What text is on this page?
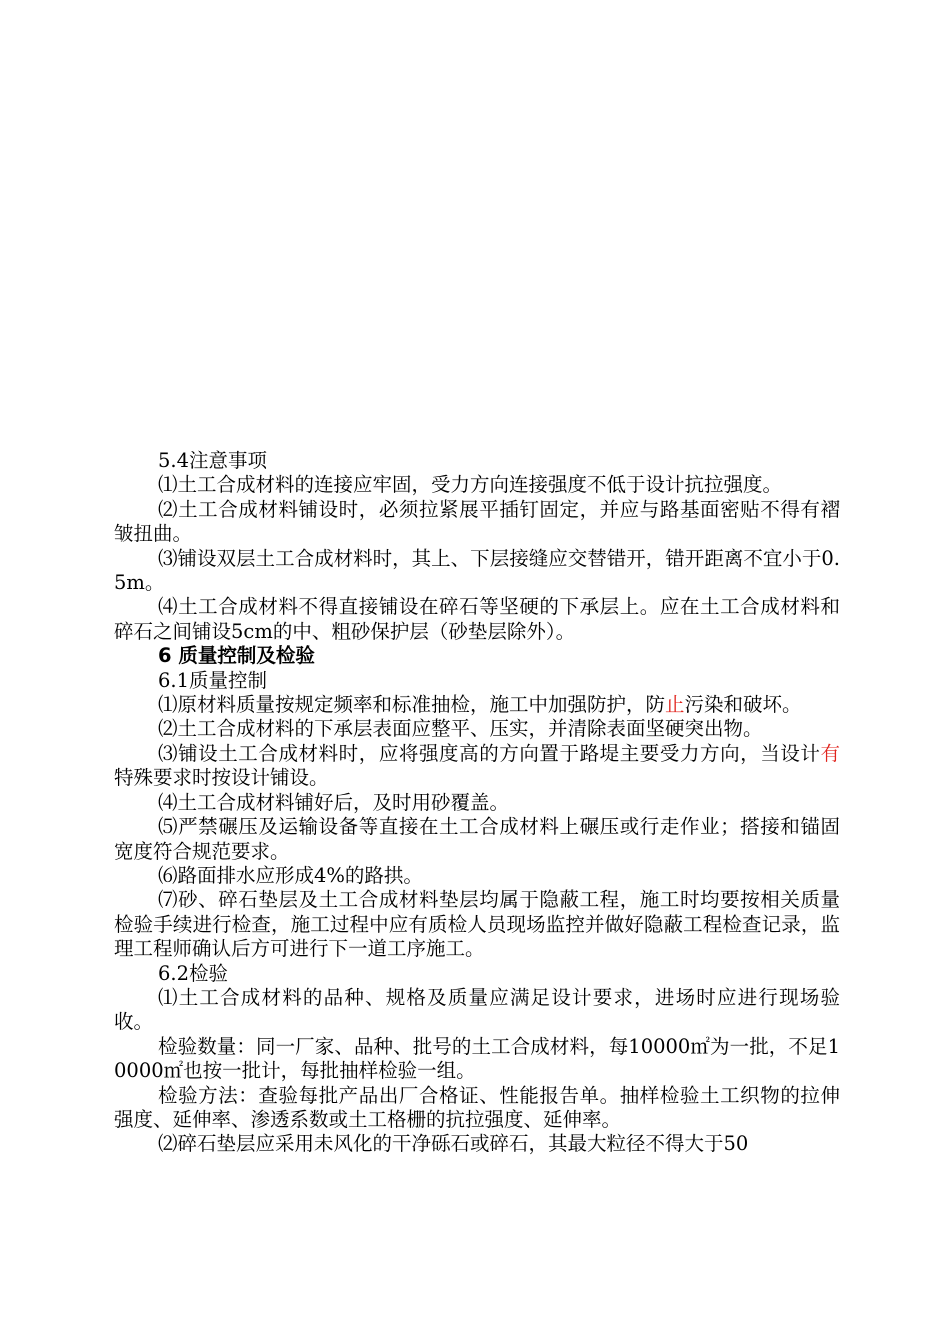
5.4注意事项

⑴土工合成材料的连接应牢固，受力方向连接强度不低于设计抗拉强度。

⑵土工合成材料铺设时，必须拉紧展平插钉固定，并应与路基面密贴不得有褶皱扭曲。

⑶铺设双层土工合成材料时，其上、下层接缝应交替错开，错开距离不宜小于0.5m。

⑷土工合成材料不得直接铺设在碎石等坚硬的下承层上。应在土工合成材料和碎石之间铺设5cm的中、粗砂保护层（砂垫层除外）。

6 质量控制及检验

6.1质量控制

⑴原材料质量按规定频率和标准抽检，施工中加强防护，防止污染和破坏。

⑵土工合成材料的下承层表面应整平、压实，并清除表面坚硬突出物。

⑶铺设土工合成材料时，应将强度高的方向置于路堤主要受力方向，当设计有特殊要求时按设计铺设。

⑷土工合成材料铺好后，及时用砂覆盖。

⑸严禁碾压及运输设备等直接在土工合成材料上碾压或行走作业；搭接和锚固宽度符合规范要求。

⑹路面排水应形成4%的路拱。

⑺砂、碎石垫层及土工合成材料垫层均属于隐蔽工程，施工时均要按相关质量检验手续进行检查，施工过程中应有质检人员现场监控并做好隐蔽工程检查记录，监理工程师确认后方可进行下一道工序施工。

6.2检验

⑴土工合成材料的品种、规格及质量应满足设计要求，进场时应进行现场验收。

检验数量：同一厂家、品种、批号的土工合成材料，每10000㎡为一批，不足10000㎡也按一批计，每批抽样检验一组。

检验方法：查验每批产品出厂合格证、性能报告单。抽样检验土工织物的拉伸强度、延伸率、渗透系数或土工格栅的抗拉强度、延伸率。

⑵碎石垫层应采用未风化的干净砾石或碎石，其最大粒径不得大于50
